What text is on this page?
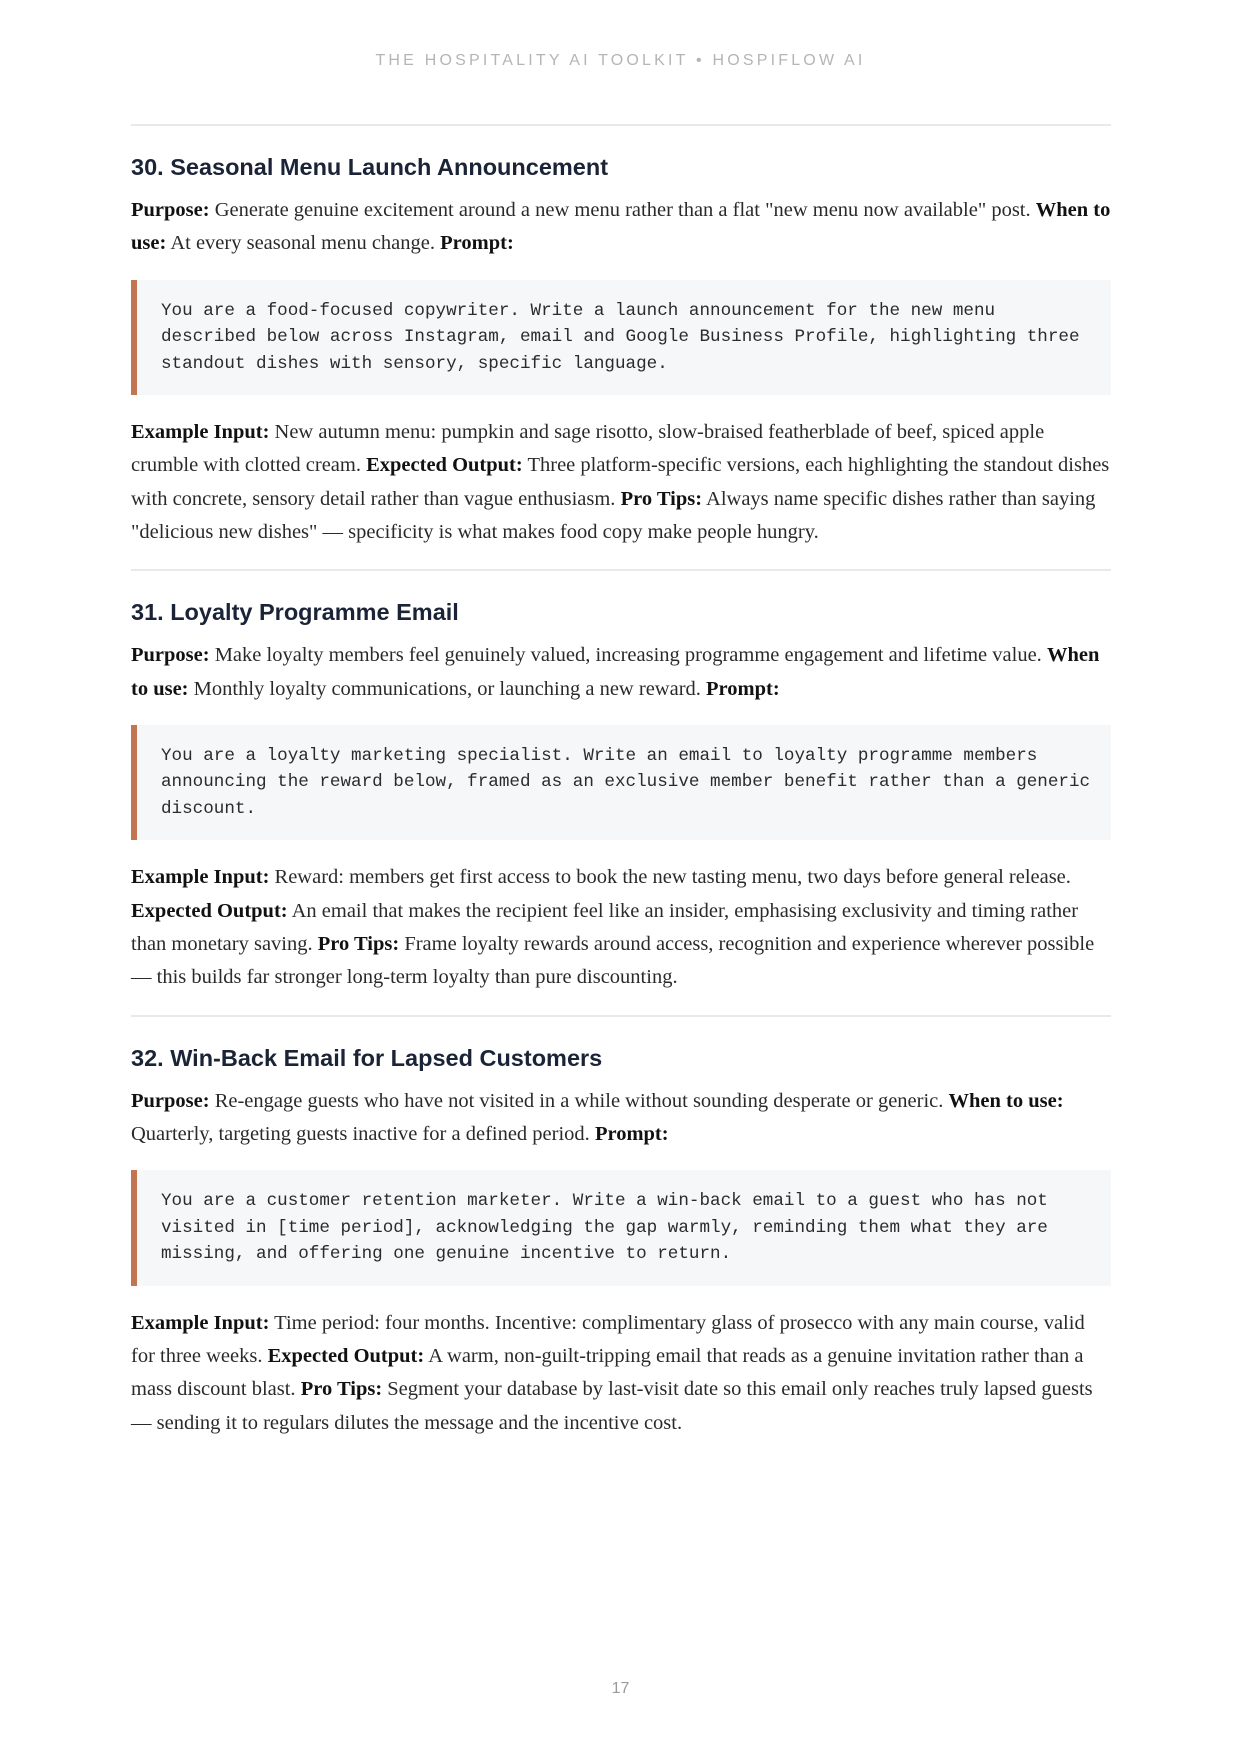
THE HOSPITALITY AI TOOLKIT • HOSPIFLOW AI
30. Seasonal Menu Launch Announcement

Purpose: Generate genuine excitement around a new menu rather than a flat "new menu now available" post. When to use: At every seasonal menu change. Prompt:

You are a food-focused copywriter. Write a launch announcement for the new menu described below across Instagram, email and Google Business Profile, highlighting three standout dishes with sensory, specific language.

Example Input: New autumn menu: pumpkin and sage risotto, slow-braised featherblade of beef, spiced apple crumble with clotted cream. Expected Output: Three platform-specific versions, each highlighting the standout dishes with concrete, sensory detail rather than vague enthusiasm. Pro Tips: Always name specific dishes rather than saying "delicious new dishes" — specificity is what makes food copy make people hungry.

31. Loyalty Programme Email

Purpose: Make loyalty members feel genuinely valued, increasing programme engagement and lifetime value. When to use: Monthly loyalty communications, or launching a new reward. Prompt:

You are a loyalty marketing specialist. Write an email to loyalty programme members announcing the reward below, framed as an exclusive member benefit rather than a generic discount.

Example Input: Reward: members get first access to book the new tasting menu, two days before general release. Expected Output: An email that makes the recipient feel like an insider, emphasising exclusivity and timing rather than monetary saving. Pro Tips: Frame loyalty rewards around access, recognition and experience wherever possible — this builds far stronger long-term loyalty than pure discounting.

32. Win-Back Email for Lapsed Customers

Purpose: Re-engage guests who have not visited in a while without sounding desperate or generic. When to use: Quarterly, targeting guests inactive for a defined period. Prompt:

You are a customer retention marketer. Write a win-back email to a guest who has not visited in [time period], acknowledging the gap warmly, reminding them what they are missing, and offering one genuine incentive to return.

Example Input: Time period: four months. Incentive: complimentary glass of prosecco with any main course, valid for three weeks. Expected Output: A warm, non-guilt-tripping email that reads as a genuine invitation rather than a mass discount blast. Pro Tips: Segment your database by last-visit date so this email only reaches truly lapsed guests — sending it to regulars dilutes the message and the incentive cost.

17
